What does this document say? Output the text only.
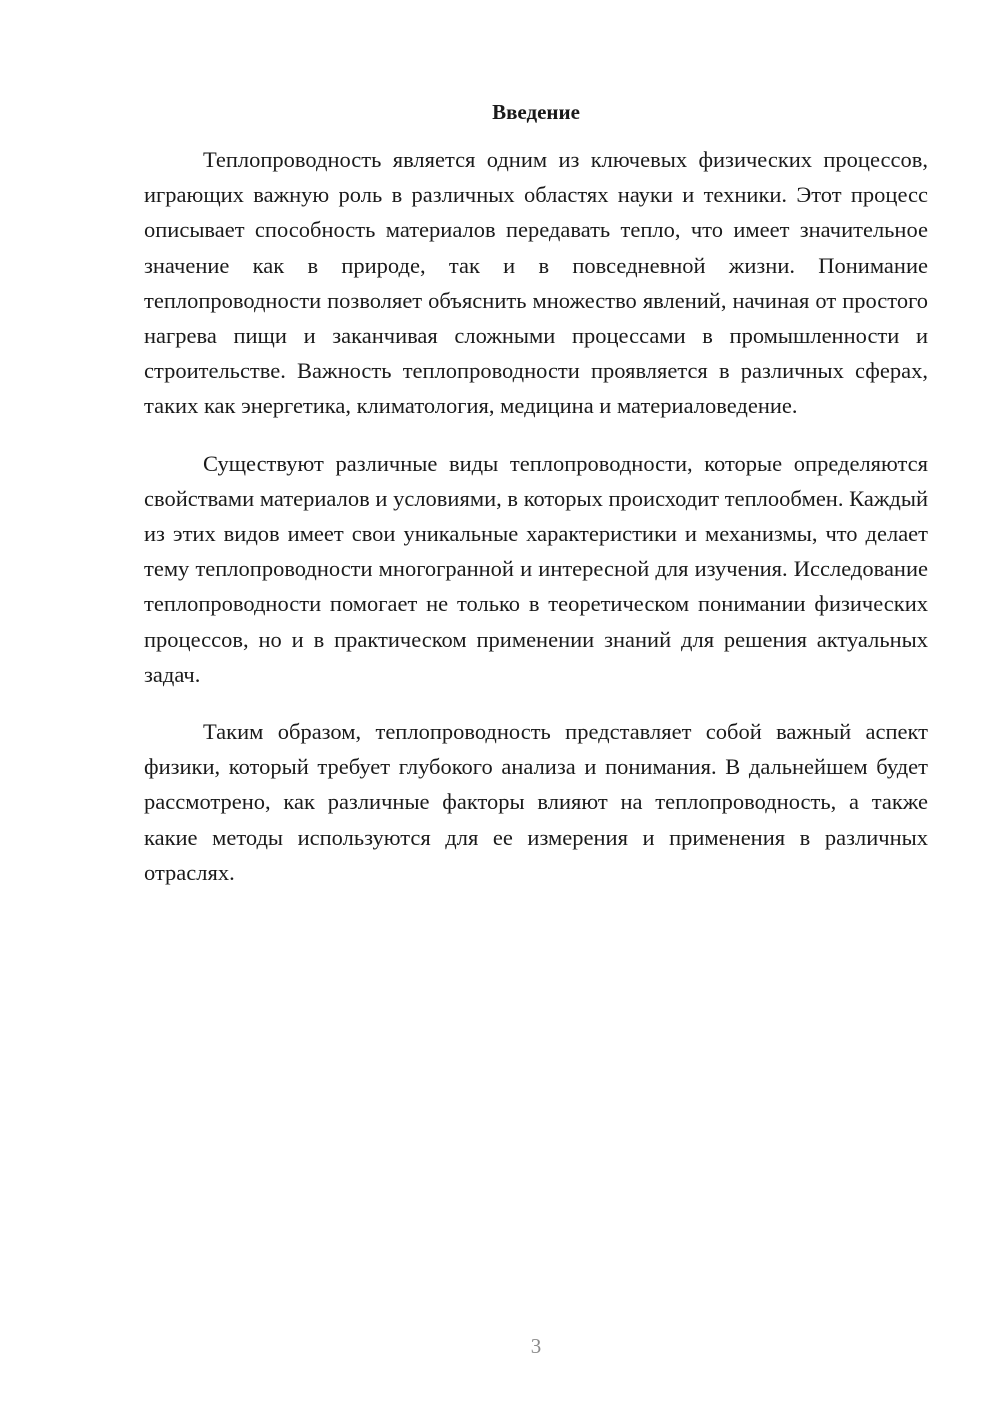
Введение

Теплопроводность является одним из ключевых физических процессов, играющих важную роль в различных областях науки и техники. Этот процесс описывает способность материалов передавать тепло, что имеет значительное значение как в природе, так и в повседневной жизни. Понимание теплопроводности позволяет объяснить множество явлений, начиная от простого нагрева пищи и заканчивая сложными процессами в промышленности и строительстве. Важность теплопроводности проявляется в различных сферах, таких как энергетика, климатология, медицина и материаловедение.

Существуют различные виды теплопроводности, которые определяются свойствами материалов и условиями, в которых происходит теплообмен. Каждый из этих видов имеет свои уникальные характеристики и механизмы, что делает тему теплопроводности многогранной и интересной для изучения. Исследование теплопроводности помогает не только в теоретическом понимании физических процессов, но и в практическом применении знаний для решения актуальных задач.

Таким образом, теплопроводность представляет собой важный аспект физики, который требует глубокого анализа и понимания. В дальнейшем будет рассмотрено, как различные факторы влияют на теплопроводность, а также какие методы используются для ее измерения и применения в различных отраслях.

3
